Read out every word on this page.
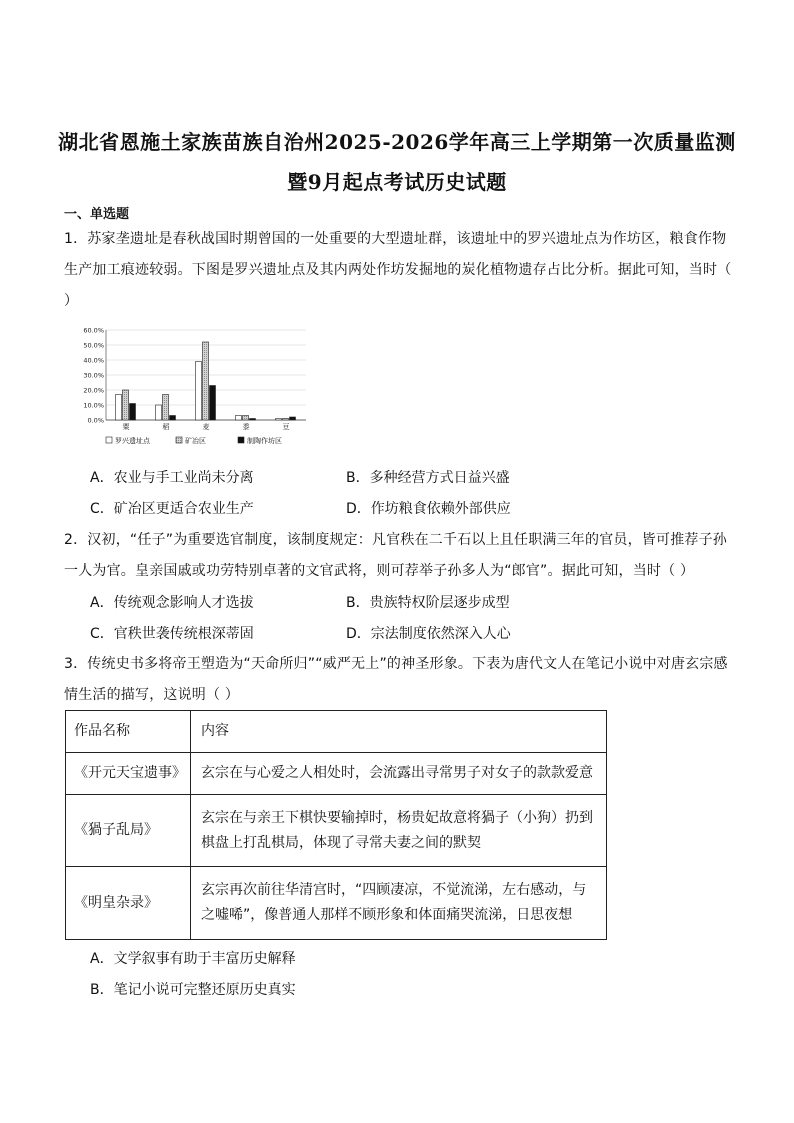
湖北省恩施土家族苗族自治州2025-2026学年高三上学期第一次质量监测
暨9月起点考试历史试题
一、单选题
1．苏家垄遗址是春秋战国时期曾国的一处重要的大型遗址群，该遗址中的罗兴遗址点为作坊区，粮食作物生产加工痕迹较弱。下图是罗兴遗址点及其内两处作坊发掘地的炭化植物遗存占比分析。据此可知，当时（ ）
0.0%
10.0%
20.0%
30.0%
40.0%
50.0%
60.0%
粟	稻	麦	黍	豆
罗兴遗址点	矿冶区	制陶作坊区
A．农业与手工业尚未分离	B．多种经营方式日益兴盛
C．矿冶区更适合农业生产	D．作坊粮食依赖外部供应
2．汉初，“任子”为重要选官制度，该制度规定：凡官秩在二千石以上且任职满三年的官员，皆可推荐子孙一人为官。皇亲国戚或功劳特别卓著的文官武将，则可荐举子孙多人为“郎官”。据此可知，当时（ ）
A．传统观念影响人才选拔	B．贵族特权阶层逐步成型
C．官秩世袭传统根深蒂固	D．宗法制度依然深入人心
3．传统史书多将帝王塑造为“天命所归”“威严无上”的神圣形象。下表为唐代文人在笔记小说中对唐玄宗感情生活的描写，这说明（ ）
作品名称	内容
《开元天宝遗事》	玄宗在与心爱之人相处时，会流露出寻常男子对女子的款款爱意
《猧子乱局》	玄宗在与亲王下棋快要输掉时，杨贵妃故意将猧子（小狗）扔到棋盘上打乱棋局，体现了寻常夫妻之间的默契
《明皇杂录》	玄宗再次前往华清宫时，“四顾凄凉，不觉流涕，左右感动，与之嘘唏”，像普通人那样不顾形象和体面痛哭流涕，日思夜想
A．文学叙事有助于丰富历史解释
B．笔记小说可完整还原历史真实
